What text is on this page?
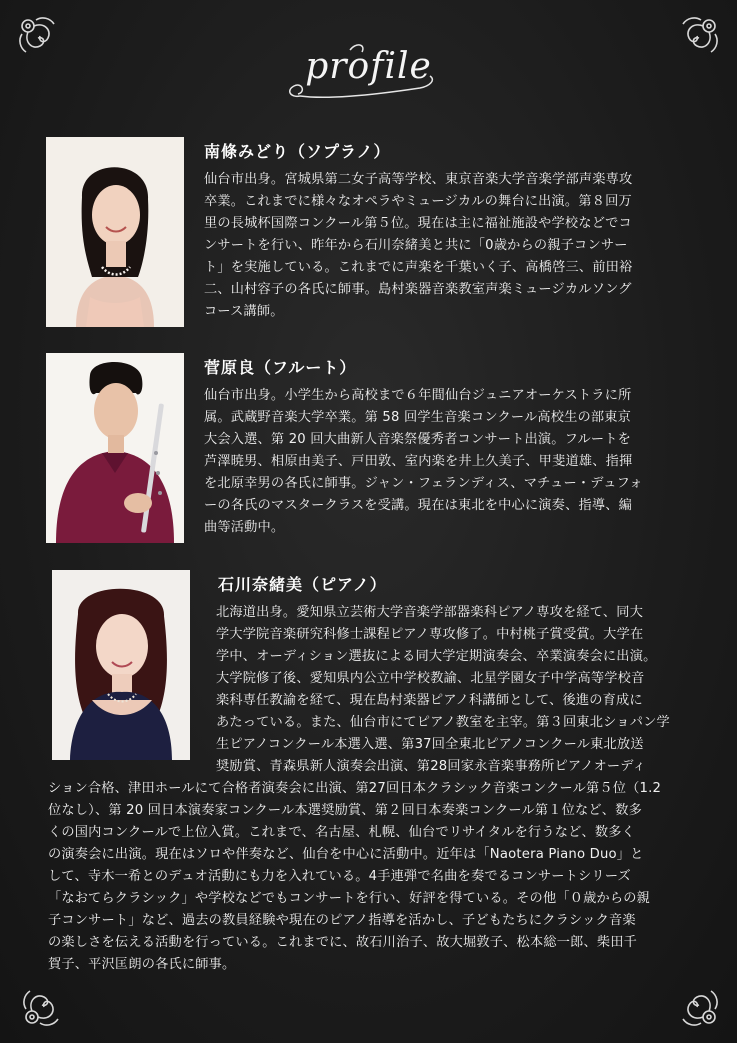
profile
南條みどり（ソプラノ）
仙台市出身。宮城県第二女子高等学校、東京音楽大学音楽学部声楽専攻
卒業。これまでに様々なオペラやミュージカルの舞台に出演。第８回万
里の長城杯国際コンクール第５位。現在は主に福祉施設や学校などでコ
ンサートを行い、昨年から石川奈緒美と共に「0歳からの親子コンサー
ト」を実施している。これまでに声楽を千葉いく子、高橋啓三、前田裕
二、山村容子の各氏に師事。島村楽器音楽教室声楽ミュージカルソング
コース講師。
菅原良（フルート）
仙台市出身。小学生から高校まで６年間仙台ジュニアオーケストラに所
属。武蔵野音楽大学卒業。第 58 回学生音楽コンクール高校生の部東京
大会入選、第 20 回大曲新人音楽祭優秀者コンサート出演。フルートを
芦澤暁男、相原由美子、戸田敦、室内楽を井上久美子、甲斐道雄、指揮
を北原幸男の各氏に師事。ジャン・フェランディス、マチュー・デュフォ
ーの各氏のマスタークラスを受講。現在は東北を中心に演奏、指導、編
曲等活動中。
石川奈緒美（ピアノ）
北海道出身。愛知県立芸術大学音楽学部器楽科ピアノ専攻を経て、同大
学大学院音楽研究科修士課程ピアノ専攻修了。中村桃子賞受賞。大学在
学中、オーディション選抜による同大学定期演奏会、卒業演奏会に出演。
大学院修了後、愛知県内公立中学校教諭、北星学園女子中学高等学校音
楽科専任教諭を経て、現在島村楽器ピアノ科講師として、後進の育成に
あたっている。また、仙台市にてピアノ教室を主宰。第３回東北ショパン学
生ピアノコンクール本選入選、第37回全東北ピアノコンクール東北放送
奨励賞、青森県新人演奏会出演、第28回家永音楽事務所ピアノオーディ
ション合格、津田ホールにて合格者演奏会に出演、第27回日本クラシック音楽コンクール第５位（1.2
位なし）、第 20 回日本演奏家コンクール本選奨励賞、第２回日本奏楽コンクール第１位など、数多
くの国内コンクールで上位入賞。これまで、名古屋、札幌、仙台でリサイタルを行うなど、数多く
の演奏会に出演。現在はソロや伴奏など、仙台を中心に活動中。近年は「Naotera Piano Duo」と
して、寺木一希とのデュオ活動にも力を入れている。4手連弾で名曲を奏でるコンサートシリーズ
「なおてらクラシック」や学校などでもコンサートを行い、好評を得ている。その他「０歳からの親
子コンサート」など、過去の教員経験や現在のピアノ指導を活かし、子どもたちにクラシック音楽
の楽しさを伝える活動を行っている。これまでに、故石川治子、故大堀敦子、松本総一郎、柴田千
賀子、平沢匡朗の各氏に師事。
